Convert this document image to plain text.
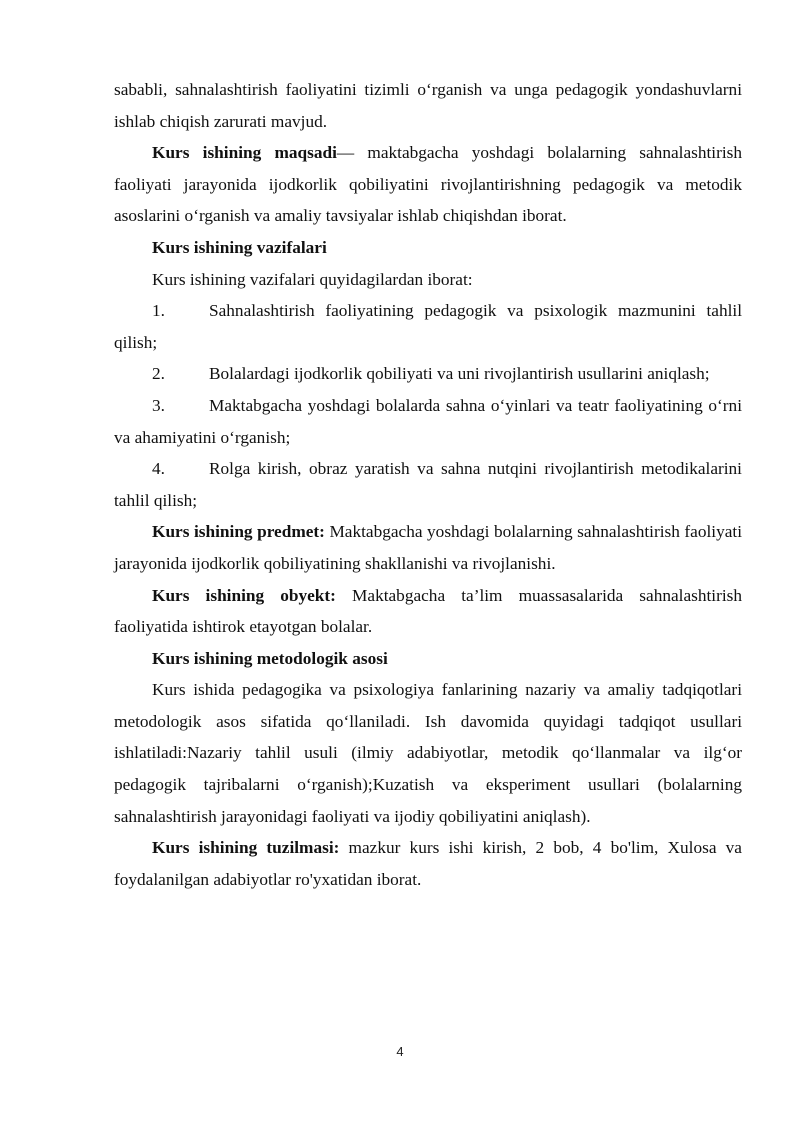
sababli, sahnalashtirish faoliyatini tizimli o‘rganish va unga pedagogik yondashuvlarni ishlab chiqish zarurati mavjud.

Kurs ishining maqsadi— maktabgacha yoshdagi bolalarning sahnalashtirish faoliyati jarayonida ijodkorlik qobiliyatini rivojlantirishning pedagogik va metodik asoslarini o‘rganish va amaliy tavsiyalar ishlab chiqishdan iborat.

Kurs ishining vazifalari

Kurs ishining vazifalari quyidagilardan iborat:

1.	Sahnalashtirish faoliyatining pedagogik va psixologik mazmunini tahlil qilish;

2.	Bolalardagi ijodkorlik qobiliyati va uni rivojlantirish usullarini aniqlash;

3.	Maktabgacha yoshdagi bolalarda sahna o‘yinlari va teatr faoliyatining o‘rni va ahamiyatini o‘rganish;

4.	Rolga kirish, obraz yaratish va sahna nutqini rivojlantirish metodikalarini tahlil qilish;

Kurs ishining predmet: Maktabgacha yoshdagi bolalarning sahnalashtirish faoliyati jarayonida ijodkorlik qobiliyatining shakllanishi va rivojlanishi.

Kurs ishining obyekt: Maktabgacha ta’lim muassasalarida sahnalashtirish faoliyatida ishtirok etayotgan bolalar.

Kurs ishining metodologik asosi

Kurs ishida pedagogika va psixologiya fanlarining nazariy va amaliy tadqiqotlari metodologik asos sifatida qo‘llaniladi. Ish davomida quyidagi tadqiqot usullari ishlatiladi:Nazariy tahlil usuli (ilmiy adabiyotlar, metodik qo‘llanmalar va ilg‘or pedagogik tajribalarni o‘rganish);Kuzatish va eksperiment usullari (bolalarning sahnalashtirish jarayonidagi faoliyati va ijodiy qobiliyatini aniqlash).

Kurs ishining tuzilmasi: mazkur kurs ishi kirish, 2 bob, 4 bo'lim, Xulosa va foydalanilgan adabiyotlar ro'yxatidan iborat.

4
